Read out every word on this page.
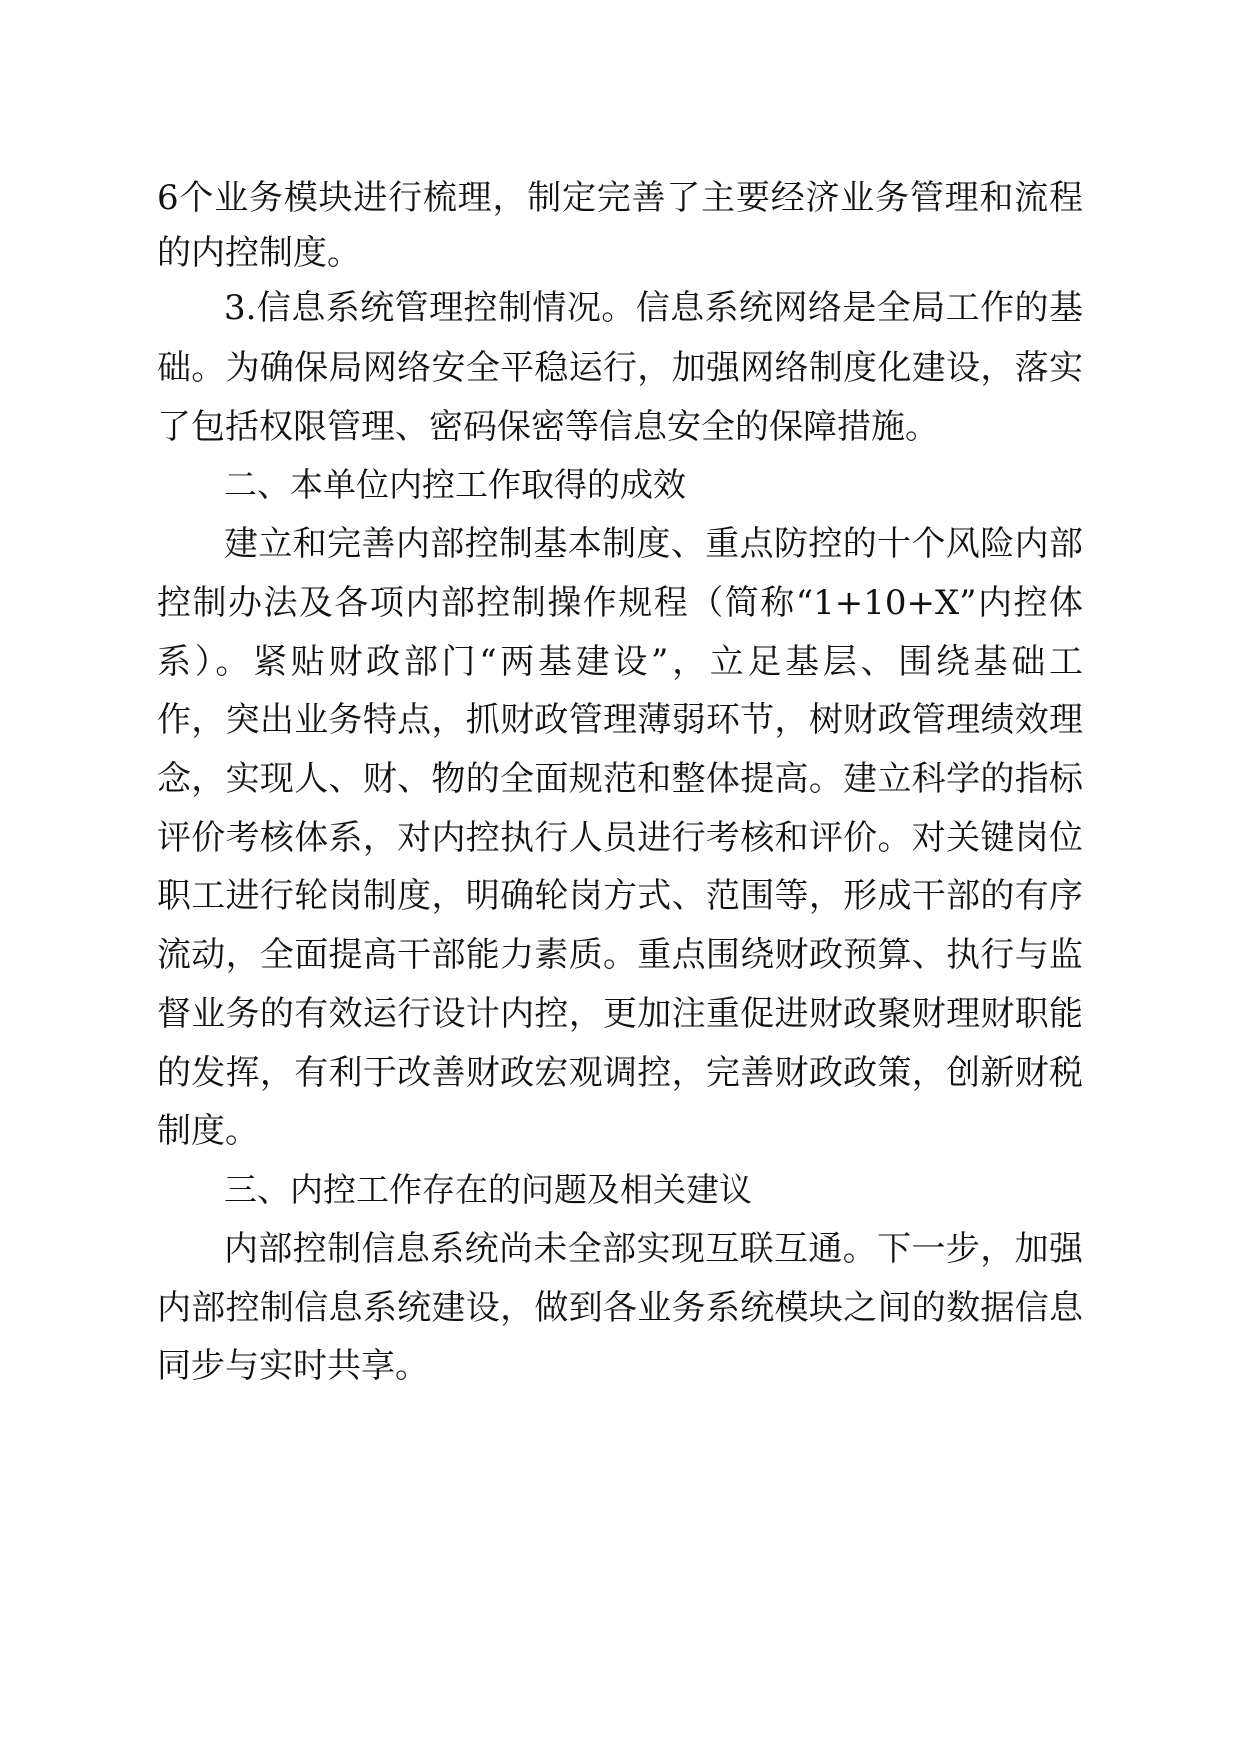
6个业务模块进行梳理，制定完善了主要经济业务管理和流程
的内控制度。
3.信息系统管理控制情况。信息系统网络是全局工作的基
础。为确保局网络安全平稳运行，加强网络制度化建设，落实
了包括权限管理、密码保密等信息安全的保障措施。
二、本单位内控工作取得的成效
建立和完善内部控制基本制度、重点防控的十个风险内部
控制办法及各项内部控制操作规程（简称“1+10+X”内控体
系）。紧贴财政部门“两基建设”，立足基层、围绕基础工
作，突出业务特点，抓财政管理薄弱环节，树财政管理绩效理
念，实现人、财、物的全面规范和整体提高。建立科学的指标
评价考核体系，对内控执行人员进行考核和评价。对关键岗位
职工进行轮岗制度，明确轮岗方式、范围等，形成干部的有序
流动，全面提高干部能力素质。重点围绕财政预算、执行与监
督业务的有效运行设计内控，更加注重促进财政聚财理财职能
的发挥，有利于改善财政宏观调控，完善财政政策，创新财税
制度。
三、内控工作存在的问题及相关建议
内部控制信息系统尚未全部实现互联互通。下一步，加强
内部控制信息系统建设，做到各业务系统模块之间的数据信息
同步与实时共享。
